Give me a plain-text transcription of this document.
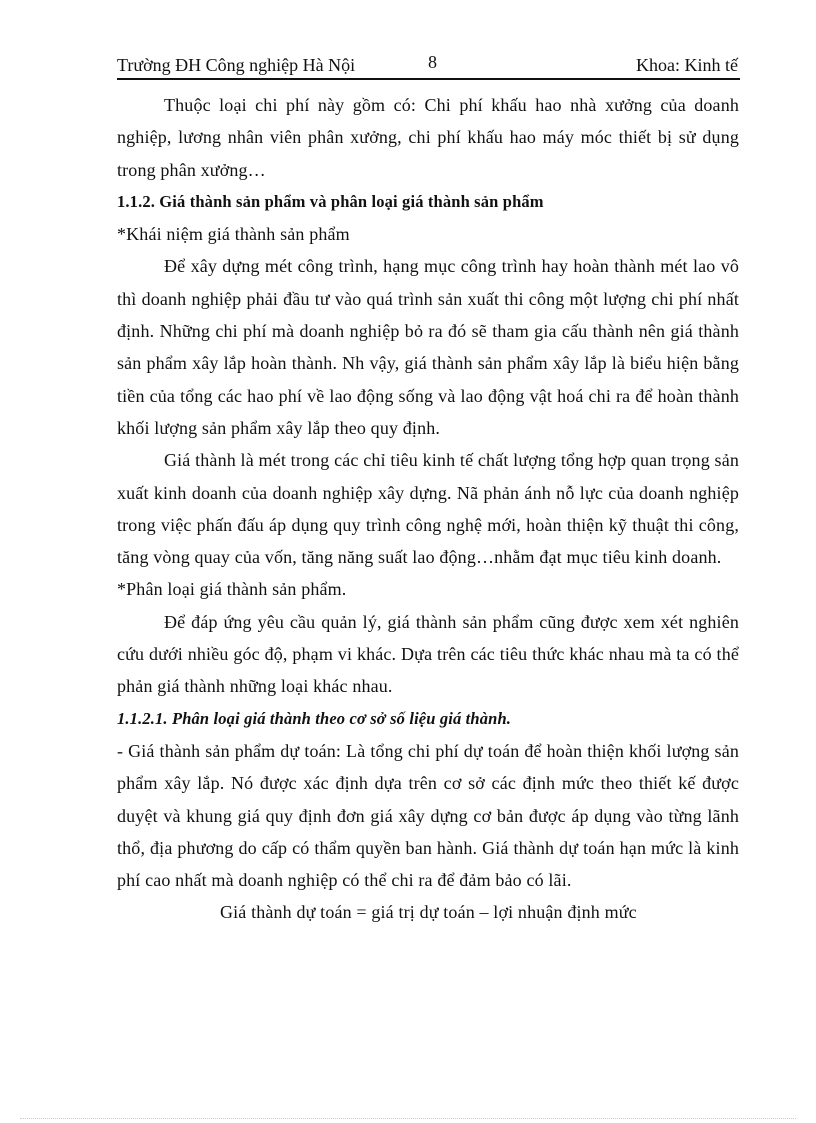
Trường ĐH Công nghiệp Hà Nội	8	Khoa: Kinh tế

Thuộc loại chi phí này gồm có: Chi phí khấu hao nhà xưởng của doanh nghiệp, lương nhân viên phân xưởng, chi phí khấu hao máy móc thiết bị sử dụng trong phân xưởng…

1.1.2. Giá thành sản phẩm và phân loại giá thành sản phẩm

*Khái niệm giá thành sản phẩm

Để xây dựng mét công trình, hạng mục công trình hay hoàn thành mét lao vô thì doanh nghiệp phải đầu tư vào quá trình sản xuất thi công một lượng chi phí nhất định. Những chi phí mà doanh nghiệp bỏ ra đó sẽ tham gia cấu thành nên giá thành sản phẩm xây lắp hoàn thành. Nh vậy, giá thành sản phẩm xây lắp là biểu hiện bằng tiền của tổng các hao phí về lao động sống và lao động vật hoá chi ra để hoàn thành khối lượng sản phẩm xây lắp theo quy định.

Giá thành là mét trong các chỉ tiêu kinh tế chất lượng tổng hợp quan trọng sản xuất kinh doanh của doanh nghiệp xây dựng. Nã phản ánh nỗ lực của doanh nghiệp trong việc phấn đấu áp dụng quy trình công nghệ mới, hoàn thiện kỹ thuật thi công, tăng vòng quay của vốn, tăng năng suất lao động…nhằm đạt mục tiêu kinh doanh.

*Phân loại giá thành sản phẩm.

Để đáp ứng yêu cầu quản lý, giá thành sản phẩm cũng được xem xét nghiên cứu dưới nhiều góc độ, phạm vi khác. Dựa trên các tiêu thức khác nhau mà ta có thể phản giá thành những loại khác nhau.

1.1.2.1. Phân loại giá thành theo cơ sở số liệu giá thành.

- Giá thành sản phẩm dự toán: Là tổng chi phí dự toán để hoàn thiện khối lượng sản phẩm xây lắp. Nó được xác định dựa trên cơ sở các định mức theo thiết kế được duyệt và khung giá quy định đơn giá xây dựng cơ bản được áp dụng vào từng lãnh thổ, địa phương do cấp có thẩm quyền ban hành. Giá thành dự toán hạn mức là kinh phí cao nhất mà doanh nghiệp có thể chi ra để đảm bảo có lãi.

Giá thành dự toán = giá trị dự toán – lợi nhuận định mức
